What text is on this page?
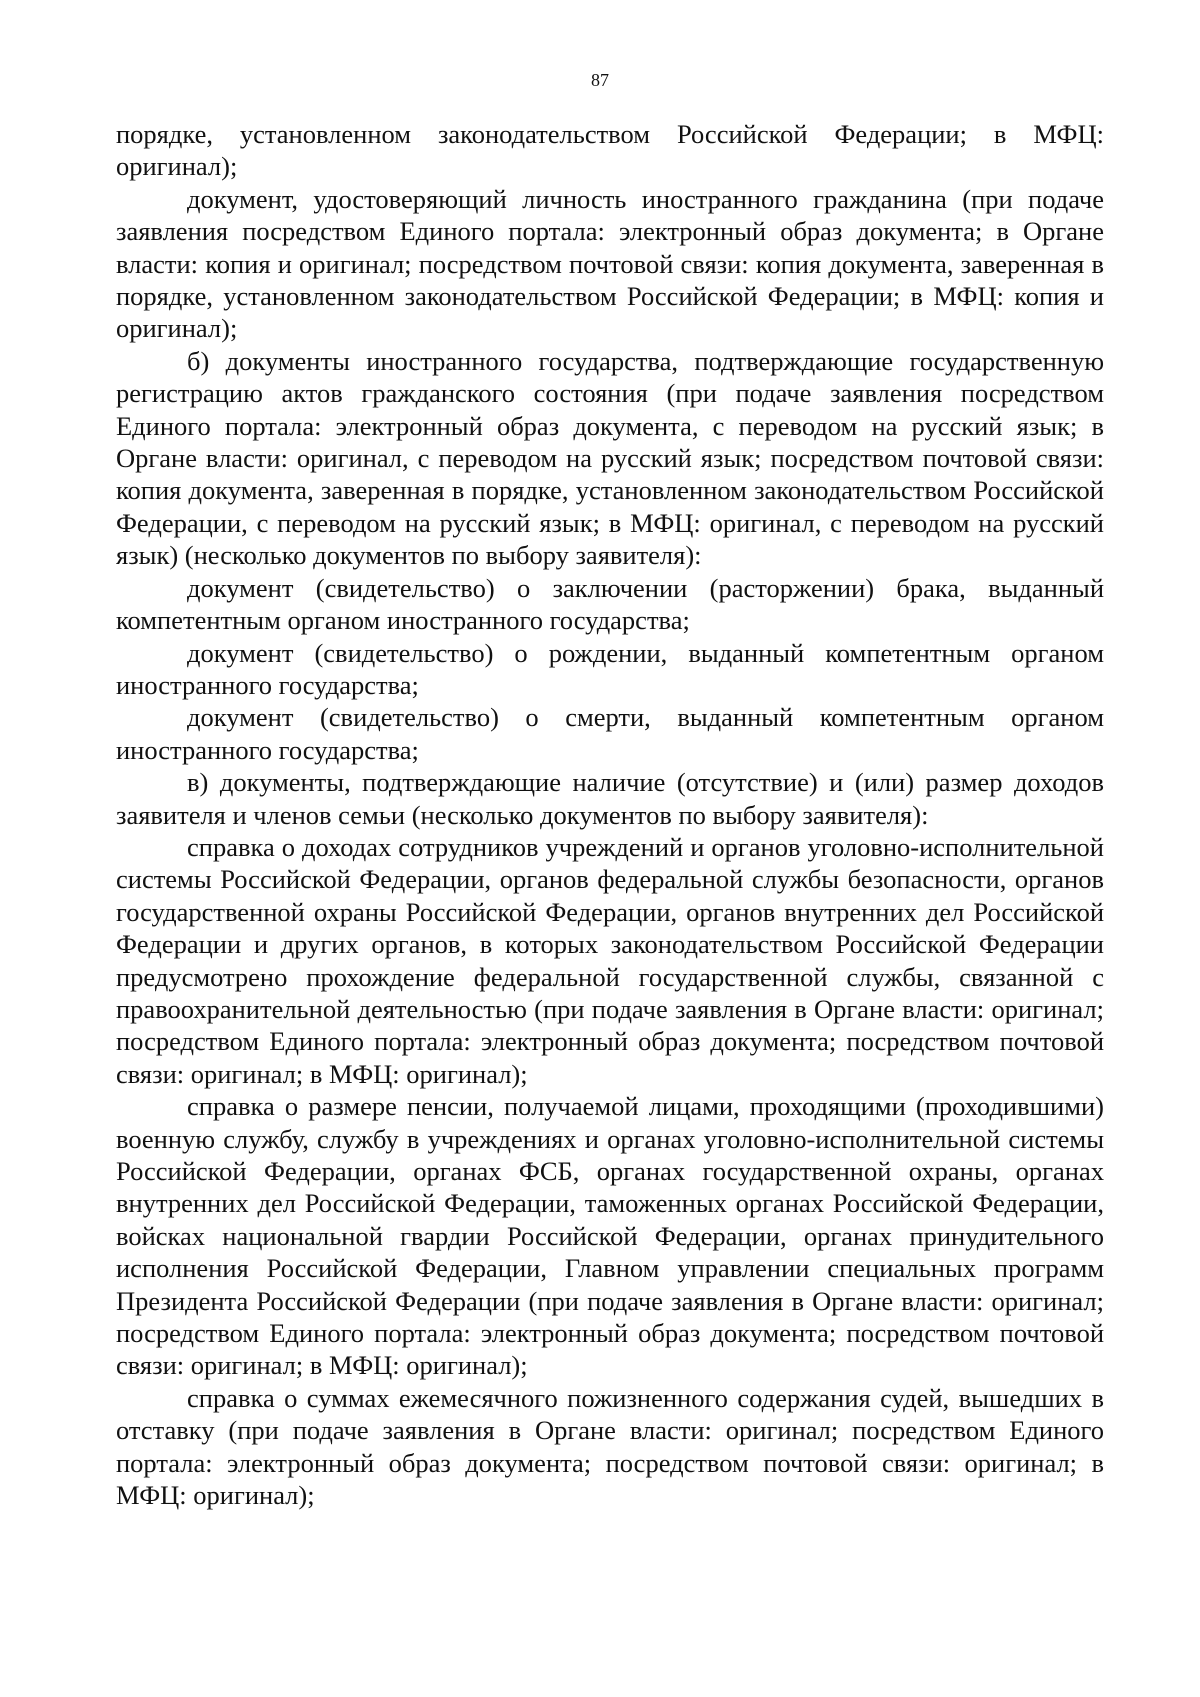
87

порядке, установленном законодательством Российской Федерации; в МФЦ: оригинал);

документ, удостоверяющий личность иностранного гражданина (при подаче заявления посредством Единого портала: электронный образ документа; в Органе власти: копия и оригинал; посредством почтовой связи: копия документа, заверенная в порядке, установленном законодательством Российской Федерации; в МФЦ: копия и оригинал);

б) документы иностранного государства, подтверждающие государственную регистрацию актов гражданского состояния (при подаче заявления посредством Единого портала: электронный образ документа, с переводом на русский язык; в Органе власти: оригинал, с переводом на русский язык; посредством почтовой связи: копия документа, заверенная в порядке, установленном законодательством Российской Федерации, с переводом на русский язык; в МФЦ: оригинал, с переводом на русский язык) (несколько документов по выбору заявителя):

документ (свидетельство) о заключении (расторжении) брака, выданный компетентным органом иностранного государства;

документ (свидетельство) о рождении, выданный компетентным органом иностранного государства;

документ (свидетельство) о смерти, выданный компетентным органом иностранного государства;

в) документы, подтверждающие наличие (отсутствие) и (или) размер доходов заявителя и членов семьи (несколько документов по выбору заявителя):

справка о доходах сотрудников учреждений и органов уголовно-исполнительной системы Российской Федерации, органов федеральной службы безопасности, органов государственной охраны Российской Федерации, органов внутренних дел Российской Федерации и других органов, в которых законодательством Российской Федерации предусмотрено прохождение федеральной государственной службы, связанной с правоохранительной деятельностью (при подаче заявления в Органе власти: оригинал; посредством Единого портала: электронный образ документа; посредством почтовой связи: оригинал; в МФЦ: оригинал);

справка о размере пенсии, получаемой лицами, проходящими (проходившими) военную службу, службу в учреждениях и органах уголовно-исполнительной системы Российской Федерации, органах ФСБ, органах государственной охраны, органах внутренних дел Российской Федерации, таможенных органах Российской Федерации, войсках национальной гвардии Российской Федерации, органах принудительного исполнения Российской Федерации, Главном управлении специальных программ Президента Российской Федерации (при подаче заявления в Органе власти: оригинал; посредством Единого портала: электронный образ документа; посредством почтовой связи: оригинал; в МФЦ: оригинал);

справка о суммах ежемесячного пожизненного содержания судей, вышедших в отставку (при подаче заявления в Органе власти: оригинал; посредством Единого портала: электронный образ документа; посредством почтовой связи: оригинал; в МФЦ: оригинал);
